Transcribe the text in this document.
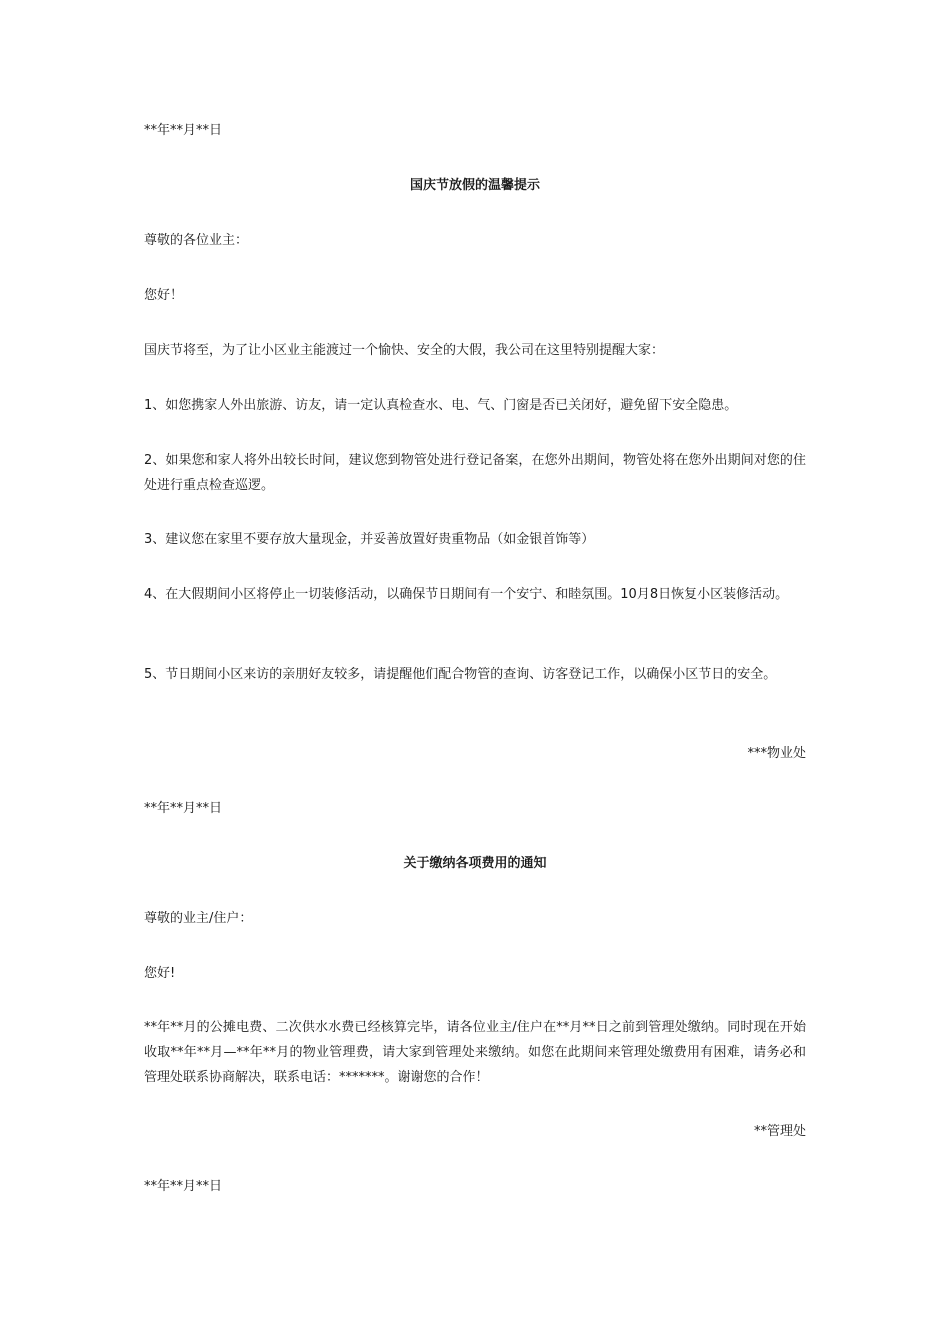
**年**月**日
国庆节放假的温馨提示
尊敬的各位业主：
您好！
国庆节将至，为了让小区业主能渡过一个愉快、安全的大假，我公司在这里特别提醒大家：
1、如您携家人外出旅游、访友，请一定认真检查水、电、气、门窗是否已关闭好，避免留下安全隐患。
2、如果您和家人将外出较长时间，建议您到物管处进行登记备案，在您外出期间，物管处将在您外出期间对您的住处进行重点检查巡逻。
3、建议您在家里不要存放大量现金，并妥善放置好贵重物品（如金银首饰等）
4、在大假期间小区将停止一切装修活动，以确保节日期间有一个安宁、和睦氛围。10月8日恢复小区装修活动。
5、节日期间小区来访的亲朋好友较多，请提醒他们配合物管的查询、访客登记工作，以确保小区节日的安全。
***物业处
**年**月**日
关于缴纳各项费用的通知
尊敬的业主/住户：
您好!
**年**月的公摊电费、二次供水水费已经核算完毕，请各位业主/住户在**月**日之前到管理处缴纳。同时现在开始收取**年**月—**年**月的物业管理费，请大家到管理处来缴纳。如您在此期间来管理处缴费用有困难，请务必和管理处联系协商解决，联系电话：*******。谢谢您的合作！
**管理处
**年**月**日
